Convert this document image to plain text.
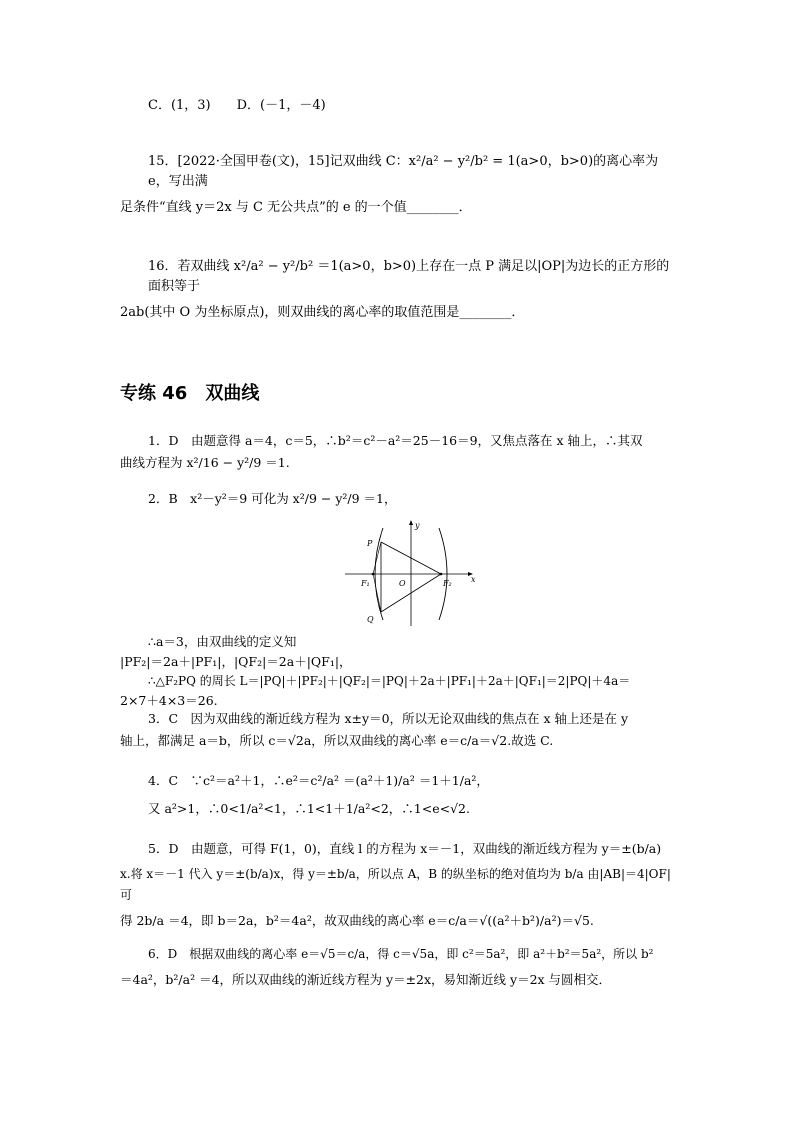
C．(1，3)　　D．(－1，－4)

15．[2022·全国甲卷(文)，15]记双曲线 C：x²/a² − y²/b² = 1(a>0，b>0)的离心率为 e，写出满

足条件“直线 y＝2x 与 C 无公共点”的 e 的一个值________．

16．若双曲线 x²/a² − y²/b² ＝1(a>0，b>0)上存在一点 P 满足以|OP|为边长的正方形的面积等于

2ab(其中 O 为坐标原点)，则双曲线的离心率的取值范围是________．

专练 46　双曲线

1．D　由题意得 a＝4，c＝5，∴b²＝c²－a²＝25－16＝9，又焦点落在 x 轴上，∴其双

曲线方程为 x²/16 − y²/9 ＝1.

2．B　x²－y²＝9 可化为 x²/9 − y²/9 ＝1，

y
x
P
F₁	O	F₂
Q

∴a＝3，由双曲线的定义知

|PF₂|＝2a＋|PF₁|，|QF₂|＝2a＋|QF₁|，

∴△F₂PQ 的周长 L＝|PQ|＋|PF₂|＋|QF₂|＝|PQ|＋2a＋|PF₁|＋2a＋|QF₁|＝2|PQ|＋4a＝

2×7＋4×3＝26.

3．C　因为双曲线的渐近线方程为 x±y＝0，所以无论双曲线的焦点在 x 轴上还是在 y

轴上，都满足 a＝b，所以 c＝√2a，所以双曲线的离心率 e＝c/a＝√2.故选 C.

4．C　∵c²＝a²＋1，∴e²＝c²/a² ＝(a²＋1)/a² ＝1＋1/a²，

又 a²>1，∴0<1/a²<1，∴1<1＋1/a²<2，∴1<e<√2.

5．D　由题意，可得 F(1，0)，直线 l 的方程为 x＝－1，双曲线的渐近线方程为 y＝±(b/a)

x.将 x＝－1 代入 y＝±(b/a)x，得 y＝±b/a，所以点 A，B 的纵坐标的绝对值均为 b/a 由|AB|＝4|OF|可

得 2b/a ＝4，即 b＝2a，b²＝4a²，故双曲线的离心率 e＝c/a＝√((a²＋b²)/a²)＝√5.

6．D　根据双曲线的离心率 e＝√5＝c/a，得 c＝√5a，即 c²＝5a²，即 a²＋b²＝5a²，所以 b²

＝4a²，b²/a² ＝4，所以双曲线的渐近线方程为 y＝±2x，易知渐近线 y＝2x 与圆相交．
